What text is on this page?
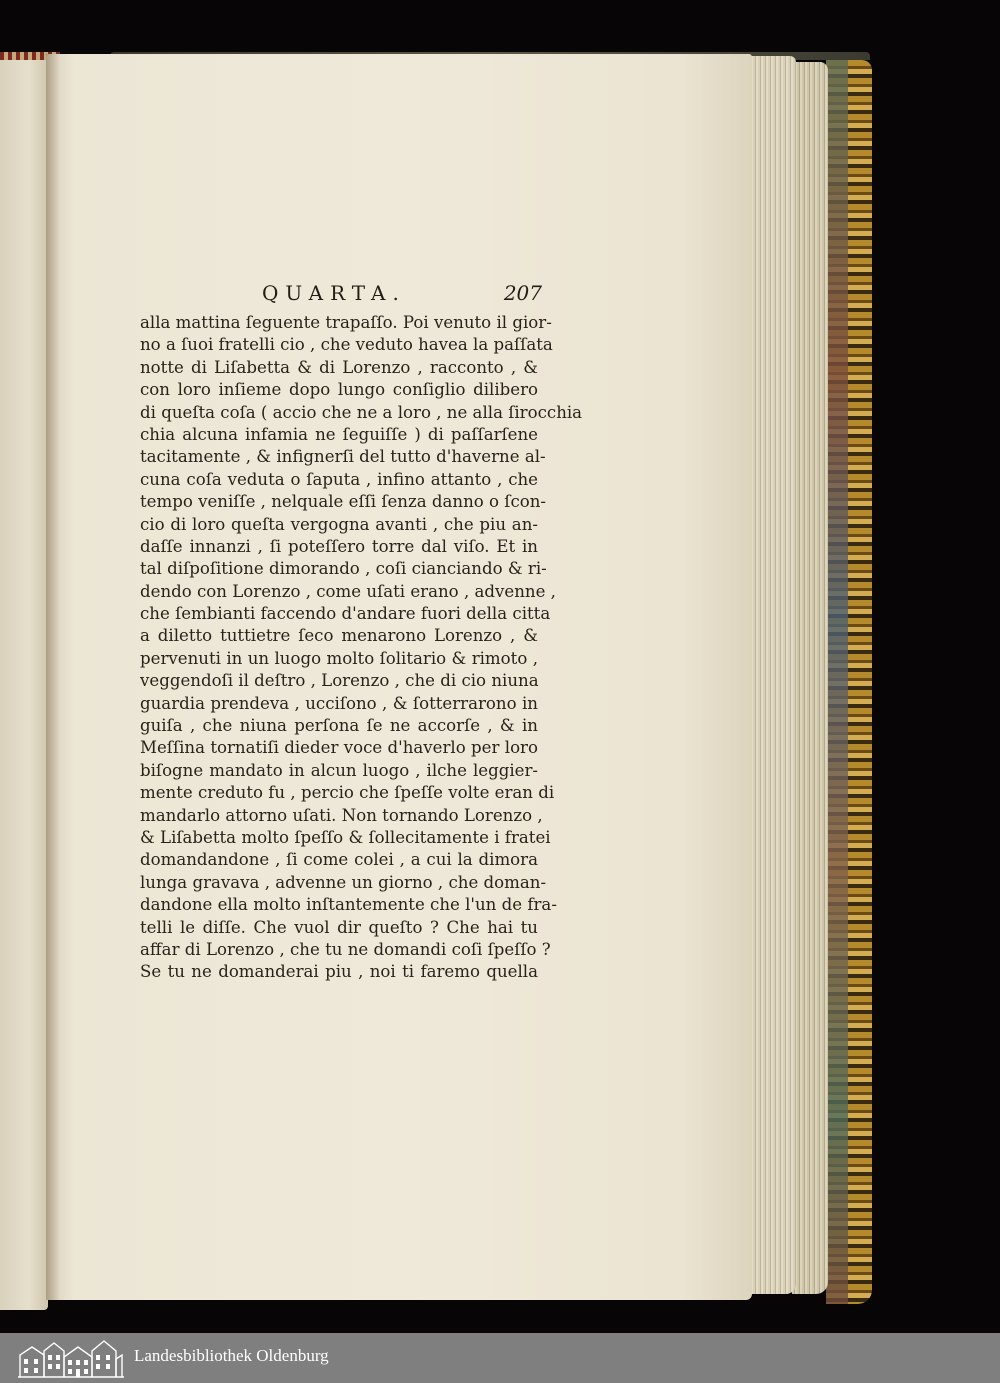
QUARTA.	207
alla mattina ſeguente trapaſſo. Poi venuto il gior-
no a ſuoi fratelli cio , che veduto havea la paſſata
notte di Liſabetta & di Lorenzo , racconto , &
con loro inſieme dopo lungo conſiglio dilibero
di queſta coſa ( accio che ne a loro , ne alla ſirocchia
chia alcuna infamia ne ſeguiſſe ) di paſſarſene
tacitamente , & infignerſi del tutto d'haverne al-
cuna coſa veduta o ſaputa , infino attanto , che
tempo veniſſe , nelquale eſſi ſenza danno o ſcon-
cio di loro queſta vergogna avanti , che piu an-
daſſe innanzi , ſi poteſſero torre dal viſo. Et in
tal diſpoſitione dimorando , coſi cianciando & ri-
dendo con Lorenzo , come uſati erano , advenne ,
che ſembianti faccendo d'andare fuori della citta
a diletto tuttietre ſeco menarono Lorenzo , &
pervenuti in un luogo molto ſolitario & rimoto ,
veggendoſi il deſtro , Lorenzo , che di cio niuna
guardia prendeva , ucciſono , & ſotterrarono in
guiſa , che niuna perſona ſe ne accorſe , & in
Meſſina tornatiſi dieder voce d'haverlo per loro
biſogne mandato in alcun luogo , ilche leggier-
mente creduto fu , percio che ſpeſſe volte eran di
mandarlo attorno uſati. Non tornando Lorenzo ,
& Liſabetta molto ſpeſſo & ſollecitamente i fratei
domandandone , ſi come colei , a cui la dimora
lunga gravava , advenne un giorno , che doman-
dandone ella molto inſtantemente che l'un de fra-
telli le diſſe. Che vuol dir queſto ? Che hai tu
affar di Lorenzo , che tu ne domandi coſi ſpeſſo ?
Se tu ne domanderai piu , noi ti faremo quella
Landesbibliothek Oldenburg
